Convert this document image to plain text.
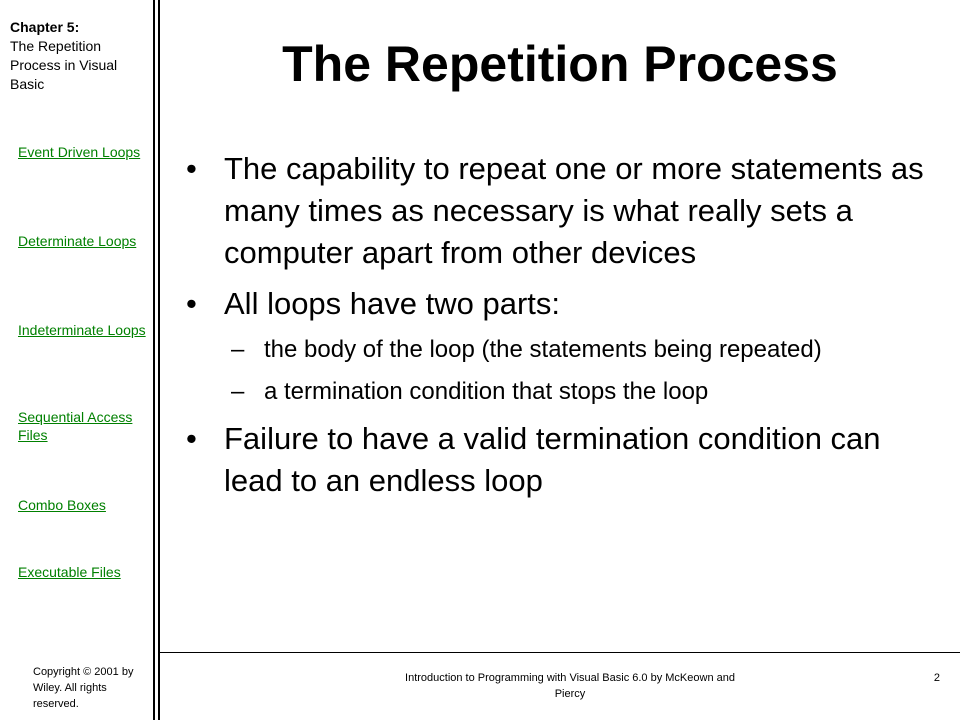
Chapter 5:
The Repetition Process in Visual Basic
Event Driven Loops
Determinate Loops
Indeterminate Loops
Sequential Access Files
Combo Boxes
Executable Files
Copyright © 2001 by Wiley. All rights reserved.
The Repetition Process
• The capability to repeat one or more statements as many times as necessary is what really sets a computer apart from other devices
• All loops have two parts:
– the body of the loop (the statements being repeated)
– a termination condition that stops the loop
• Failure to have a valid termination condition can lead to an endless loop
Introduction to Programming with Visual Basic 6.0 by McKeown and Piercy
2
